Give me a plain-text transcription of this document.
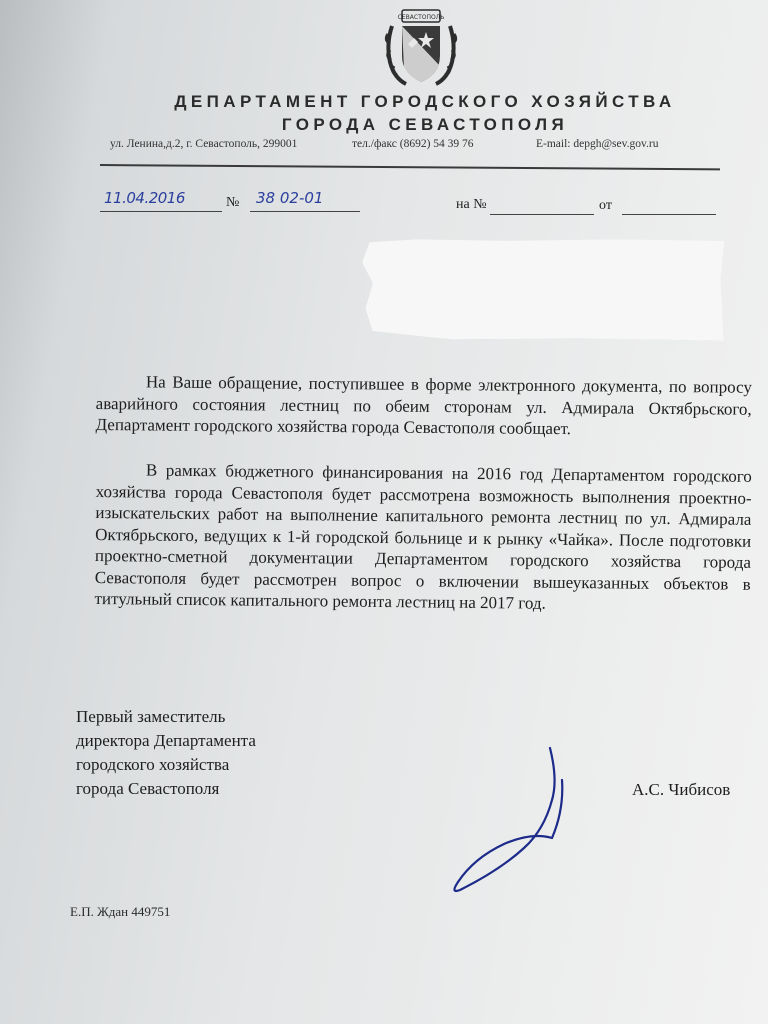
СЕВАСТОПОЛЬ
ДЕПАРТАМЕНТ ГОРОДСКОГО ХОЗЯЙСТВА
ГОРОДА СЕВАСТОПОЛЯ
ул. Ленина,д.2, г. Севастополь, 299001	тел./факс (8692) 54 39 76	E-mail: depgh@sev.gov.ru
11.04.2016	№ 38 02-01	на №	от

На Ваше обращение, поступившее в форме электронного документа, по вопросу аварийного состояния лестниц по обеим сторонам ул. Адмирала Октябрьского, Департамент городского хозяйства города Севастополя сообщает.

В рамках бюджетного финансирования на 2016 год Департаментом городского хозяйства города Севастополя будет рассмотрена возможность выполнения проектно-изыскательских работ на выполнение капитального ремонта лестниц по ул. Адмирала Октябрьского, ведущих к 1-й городской больнице и к рынку «Чайка». После подготовки проектно-сметной документации Департаментом городского хозяйства города Севастополя будет рассмотрен вопрос о включении вышеуказанных объектов в титульный список капитального ремонта лестниц на 2017 год.

Первый заместитель
директора Департамента
городского хозяйства
города Севастополя	А.С. Чибисов
Е.П. Ждан 449751
